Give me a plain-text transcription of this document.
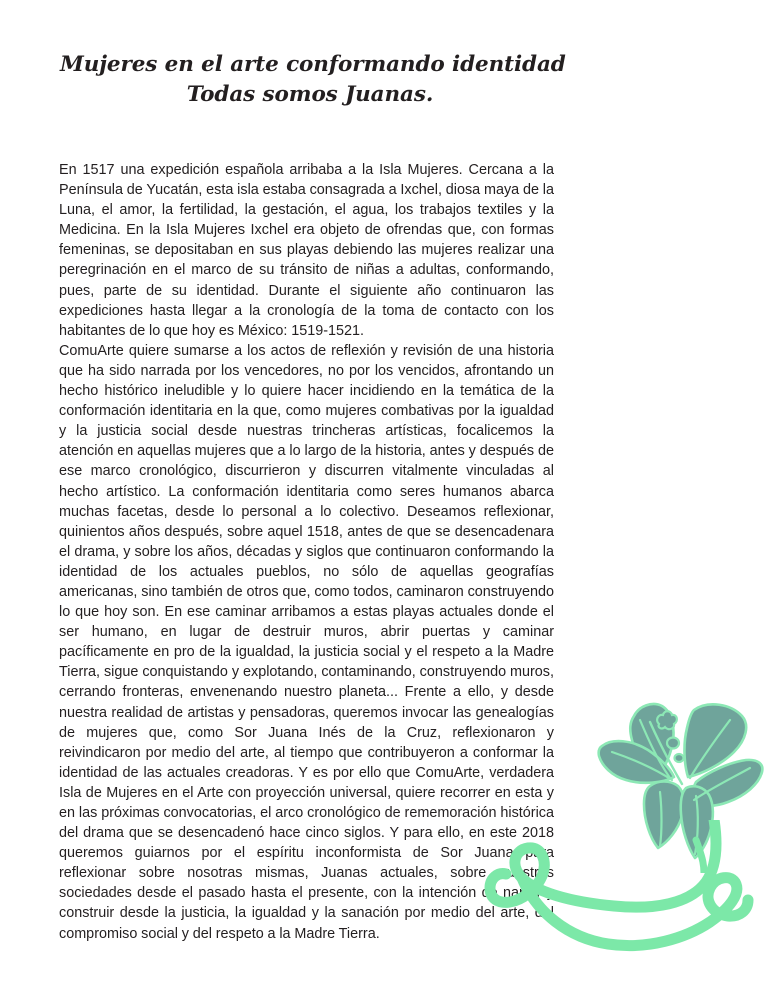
Mujeres en el arte conformando identidad
Todas somos Juanas.

En 1517 una expedición española arribaba a la Isla Mujeres. Cercana a la Península de Yucatán, esta isla estaba consagrada a Ixchel, diosa maya de la Luna, el amor, la fertilidad, la gestación, el agua, los trabajos textiles y la Medicina. En la Isla Mujeres Ixchel era objeto de ofrendas que, con formas femeninas, se depositaban en sus playas debiendo las mujeres realizar una peregrinación en el marco de su tránsito de niñas a adultas, conformando, pues, parte de su identidad. Durante el siguiente año continuaron las expediciones hasta llegar a la cronología de la toma de contacto con los habitantes de lo que hoy es México: 1519-1521.

ComuArte quiere sumarse a los actos de reflexión y revisión de una historia que ha sido narrada por los vencedores, no por los vencidos, afrontando un hecho histórico ineludible y lo quiere hacer incidiendo en la temática de la conformación identitaria en la que, como mujeres combativas por la igualdad y la justicia social desde nuestras trincheras artísticas, focalicemos la atención en aquellas mujeres que a lo largo de la historia, antes y después de ese marco cronológico, discurrieron y discurren vitalmente vinculadas al hecho artístico. La conformación identitaria como seres humanos abarca muchas facetas, desde lo personal a lo colectivo. Deseamos reflexionar, quinientos años después, sobre aquel 1518, antes de que se desencadenara el drama, y sobre los años, décadas y siglos que continuaron conformando la identidad de los actuales pueblos, no sólo de aquellas geografías americanas, sino también de otros que, como todos, caminaron construyendo lo que hoy son. En ese caminar arribamos a estas playas actuales donde el ser humano, en lugar de destruir muros, abrir puertas y caminar pacíficamente en pro de la igualdad, la justicia social y el respeto a la Madre Tierra, sigue conquistando y explotando, contaminando, construyendo muros, cerrando fronteras, envenenando nuestro planeta... Frente a ello, y desde nuestra realidad de artistas y pensadoras, queremos invocar las genealogías de mujeres que, como Sor Juana Inés de la Cruz, reflexionaron y reivindicaron por medio del arte, al tiempo que contribuyeron a conformar la identidad de las actuales creadoras. Y es por ello que ComuArte, verdadera Isla de Mujeres en el Arte con proyección universal, quiere recorrer en esta y en las próximas convocatorias, el arco cronológico de rememoración histórica del drama que se desencadenó hace cinco siglos. Y para ello, en este 2018 queremos guiarnos por el espíritu inconformista de Sor Juana para reflexionar sobre nosotras mismas, Juanas actuales, sobre nuestras sociedades desde el pasado hasta el presente, con la intención de narrar y construir desde la justicia, la igualdad y la sanación por medio del arte, del compromiso social y del respeto a la Madre Tierra.
